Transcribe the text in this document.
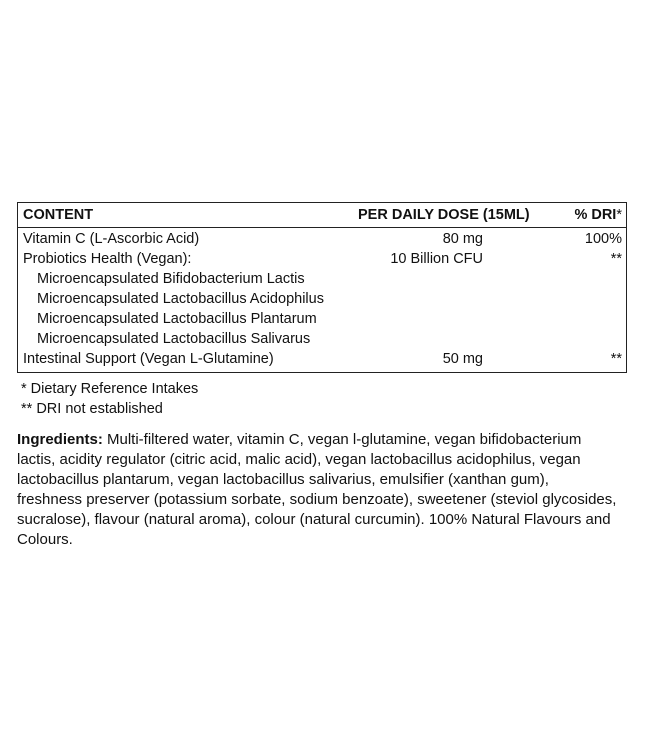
CONTENT	PER DAILY DOSE (15ML)	% DRI*
Vitamin C (L-Ascorbic Acid)	80 mg	100%
Probiotics Health (Vegan):	10 Billion CFU	**
Microencapsulated Bifidobacterium Lactis
Microencapsulated Lactobacillus Acidophilus
Microencapsulated Lactobacillus Plantarum
Microencapsulated Lactobacillus Salivarus
Intestinal Support (Vegan L-Glutamine)	50 mg	**
* Dietary Reference Intakes
** DRI not established
Ingredients: Multi-filtered water, vitamin C, vegan l-glutamine, vegan bifidobacterium lactis, acidity regulator (citric acid, malic acid), vegan lactobacillus acidophilus, vegan lactobacillus plantarum, vegan lactobacillus salivarius, emulsifier (xanthan gum), freshness preserver (potassium sorbate, sodium benzoate), sweetener (steviol glycosides, sucralose), flavour (natural aroma), colour (natural curcumin). 100% Natural Flavours and Colours.
